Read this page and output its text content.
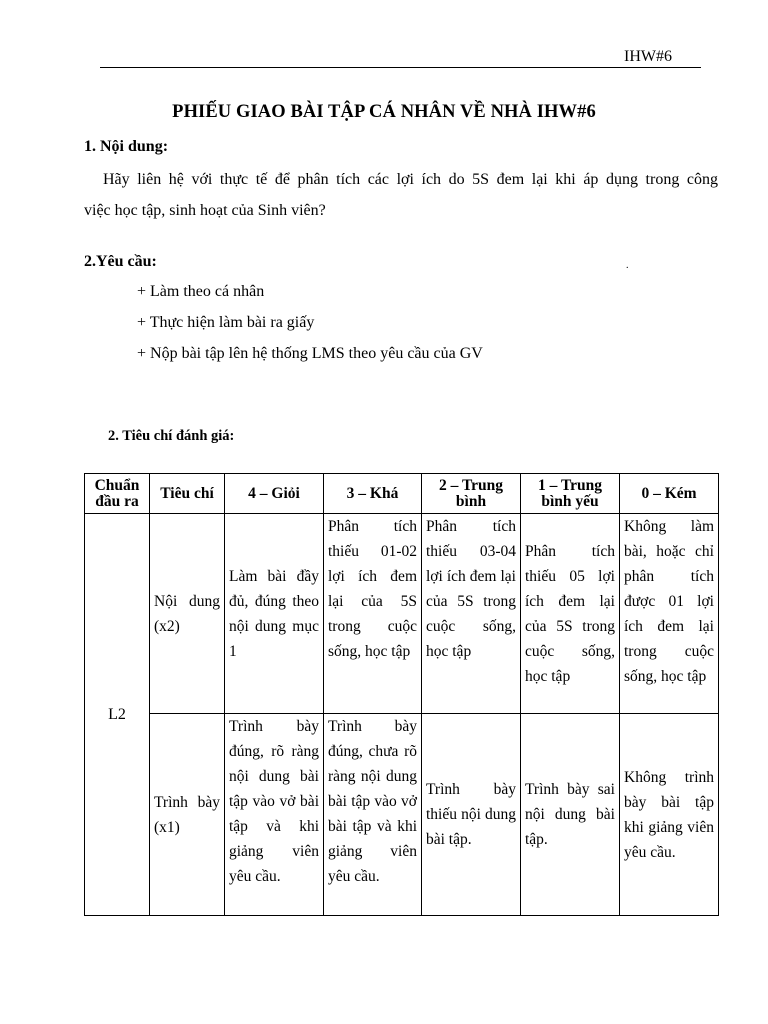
IHW#6
PHIẾU GIAO BÀI TẬP CÁ NHÂN VỀ NHÀ IHW#6
1. Nội dung:
Hãy liên hệ với thực tế để phân tích các lợi ích do 5S đem lại khi áp dụng trong công
việc học tập, sinh hoạt của Sinh viên?
2.Yêu cầu:	.
+ Làm theo cá nhân
+ Thực hiện làm bài ra giấy
+ Nộp bài tập lên hệ thống LMS theo yêu cầu của GV
2. Tiêu chí đánh giá:
Chuẩn đầu ra	Tiêu chí	4 – Giỏi	3 – Khá	2 – Trung bình	1 – Trung bình yếu	0 – Kém
L2	Nội dung (x2)	Làm bài đầy đủ, đúng theo nội dung mục 1	Phân tích thiếu 01-02 lợi ích đem lại của 5S trong cuộc sống, học tập	Phân tích thiếu 03-04 lợi ích đem lại của 5S trong cuộc sống, học tập	Phân tích thiếu 05 lợi ích đem lại của 5S trong cuộc sống, học tập	Không làm bài, hoặc chỉ phân tích được 01 lợi ích đem lại trong cuộc sống, học tập

	Trình bày (x1)	Trình bày đúng, rõ ràng nội dung bài tập vào vở bài tập và khi giảng viên yêu cầu.	Trình bày đúng, chưa rõ ràng nội dung bài tập vào vở bài tập và khi giảng viên yêu cầu.	Trình bày thiếu nội dung bài tập.	Trình bày sai nội dung bài tập.	Không trình bày bài tập khi giảng viên yêu cầu.
